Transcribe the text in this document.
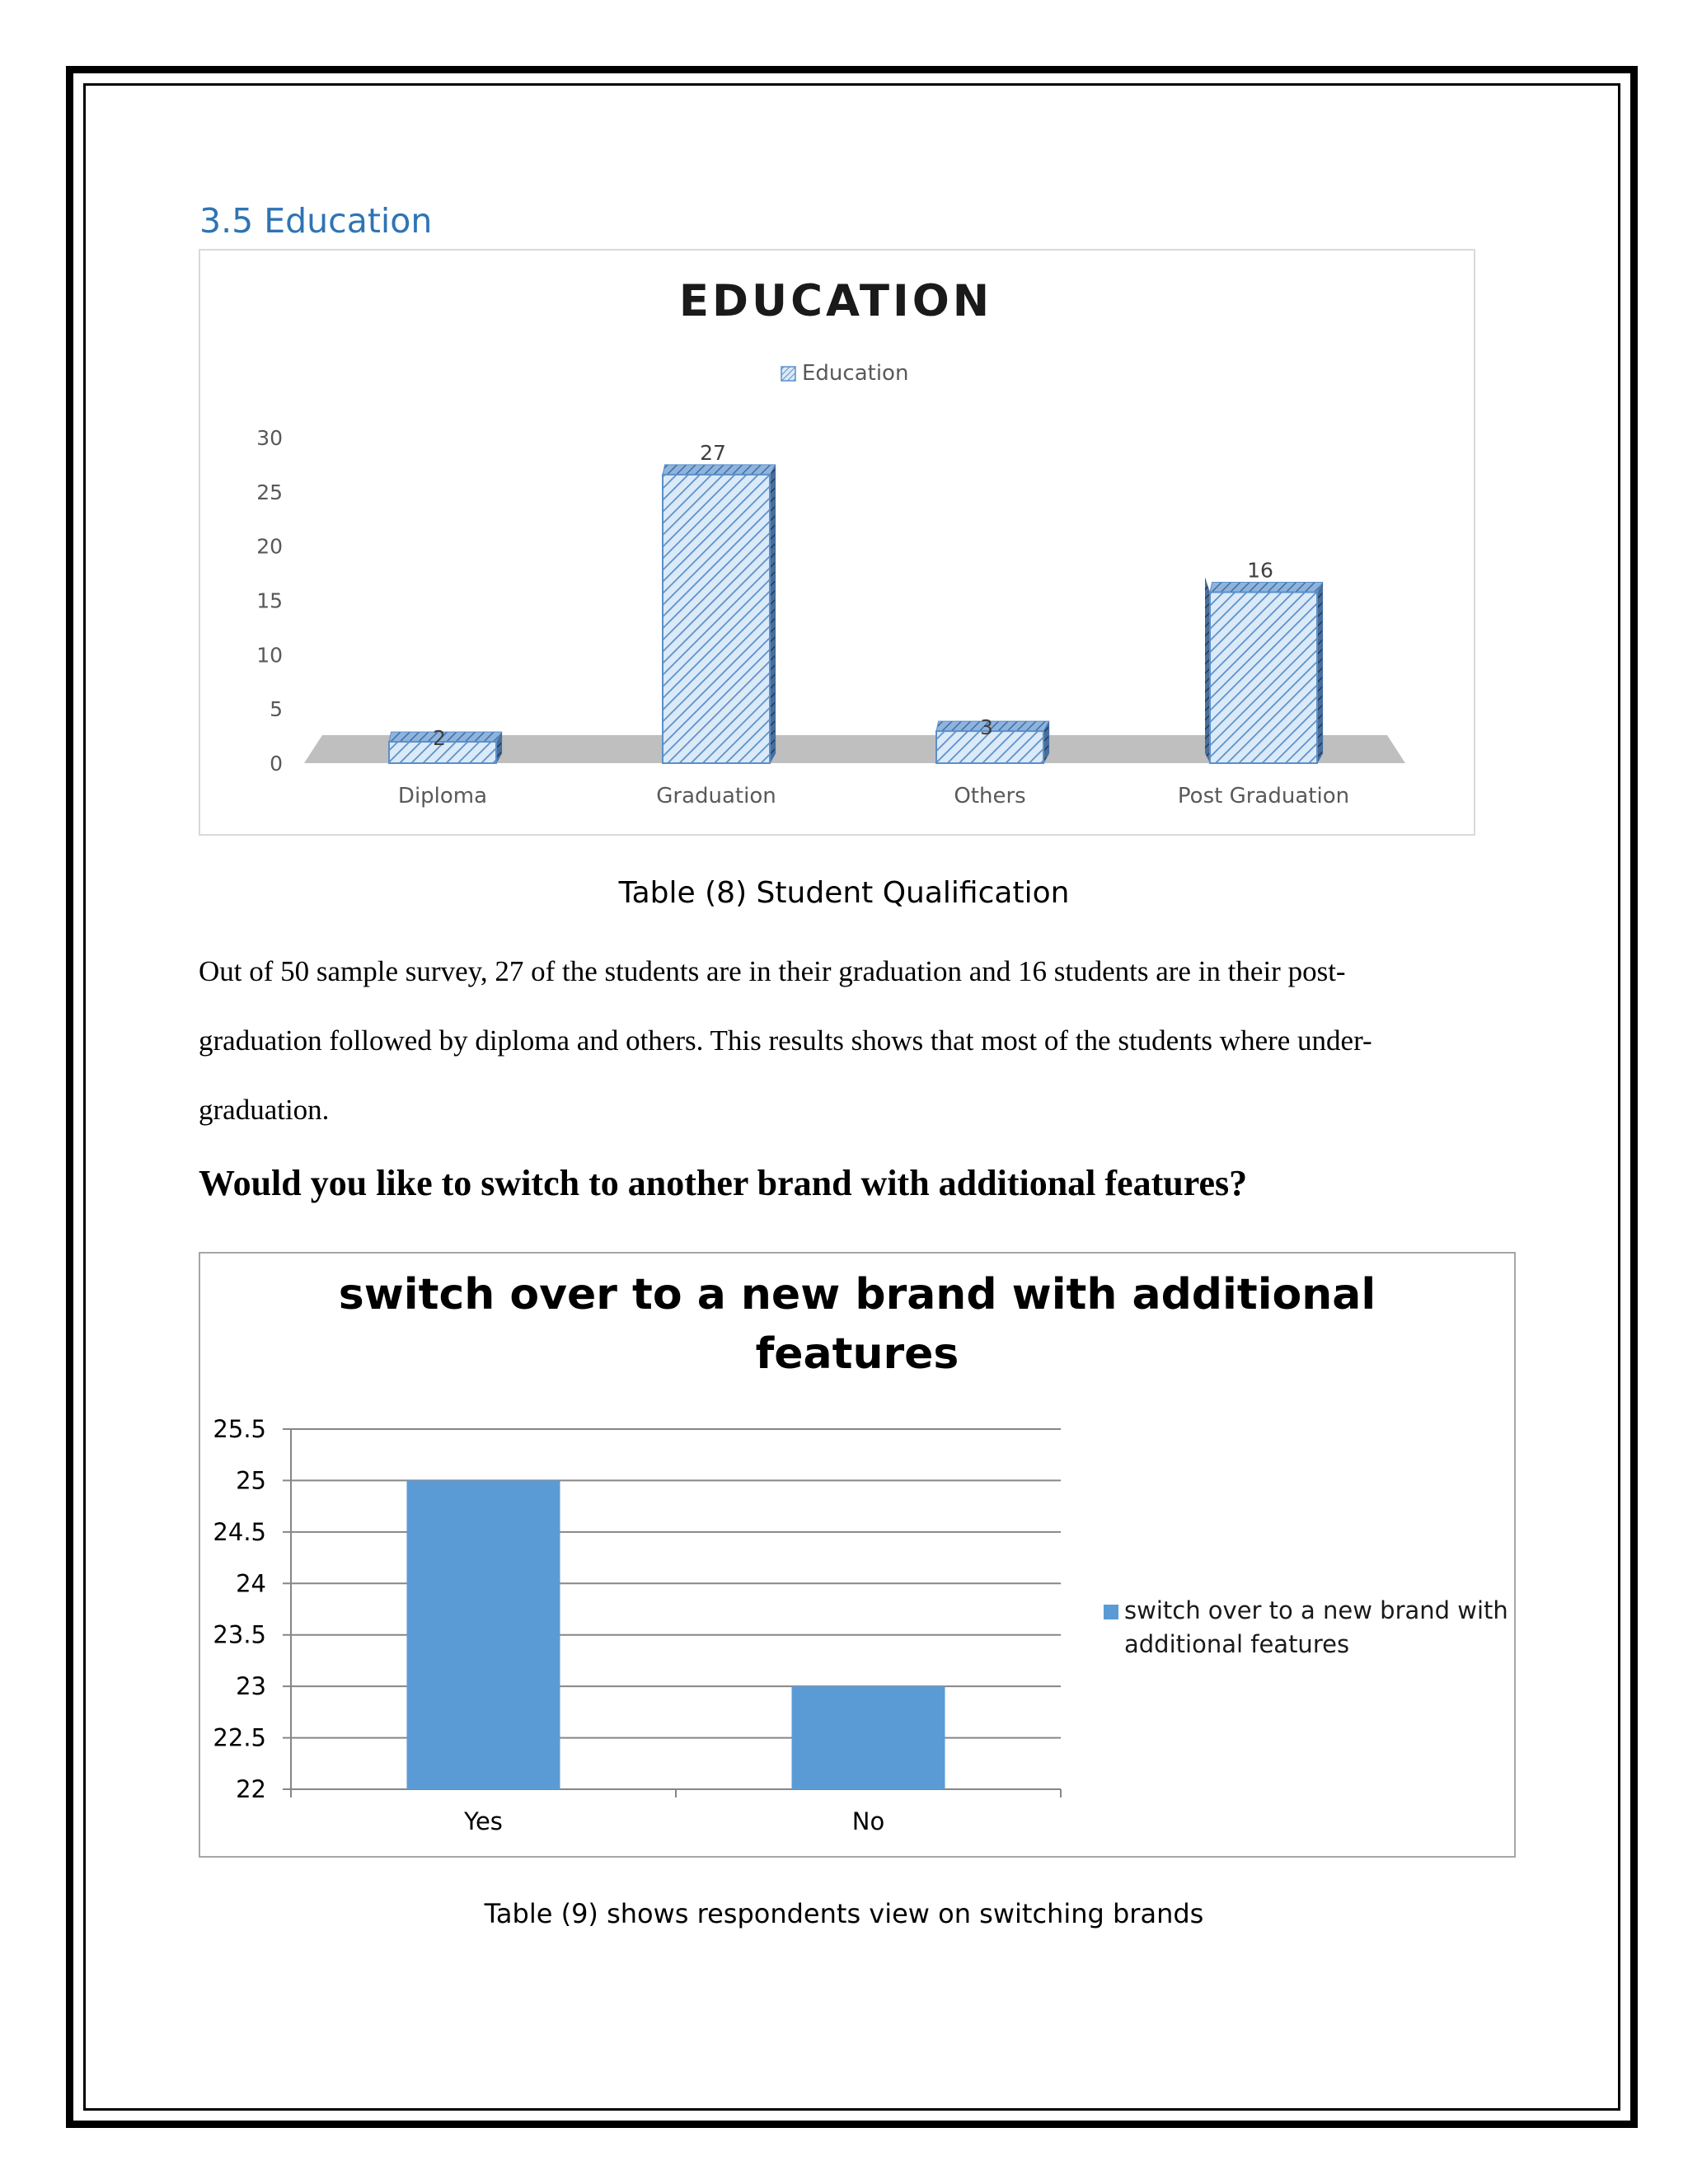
3.5 Education
EDUCATION
Education
0
5
10
15
20
25
30
2
27
3
16
Diploma	Graduation	Others	Post Graduation
Table (8) Student Qualification
Out of 50 sample survey, 27 of the students are in their graduation and 16 students are in their post-
graduation followed by diploma and others. This results shows that most of the students where under-
graduation.
Would you like to switch to another brand with additional features?
switch over to a new brand with additional
features
22
22.5
23
23.5
24
24.5
25
25.5
Yes	No
switch over to a new brand with
additional features
Table (9) shows respondents view on switching brands
